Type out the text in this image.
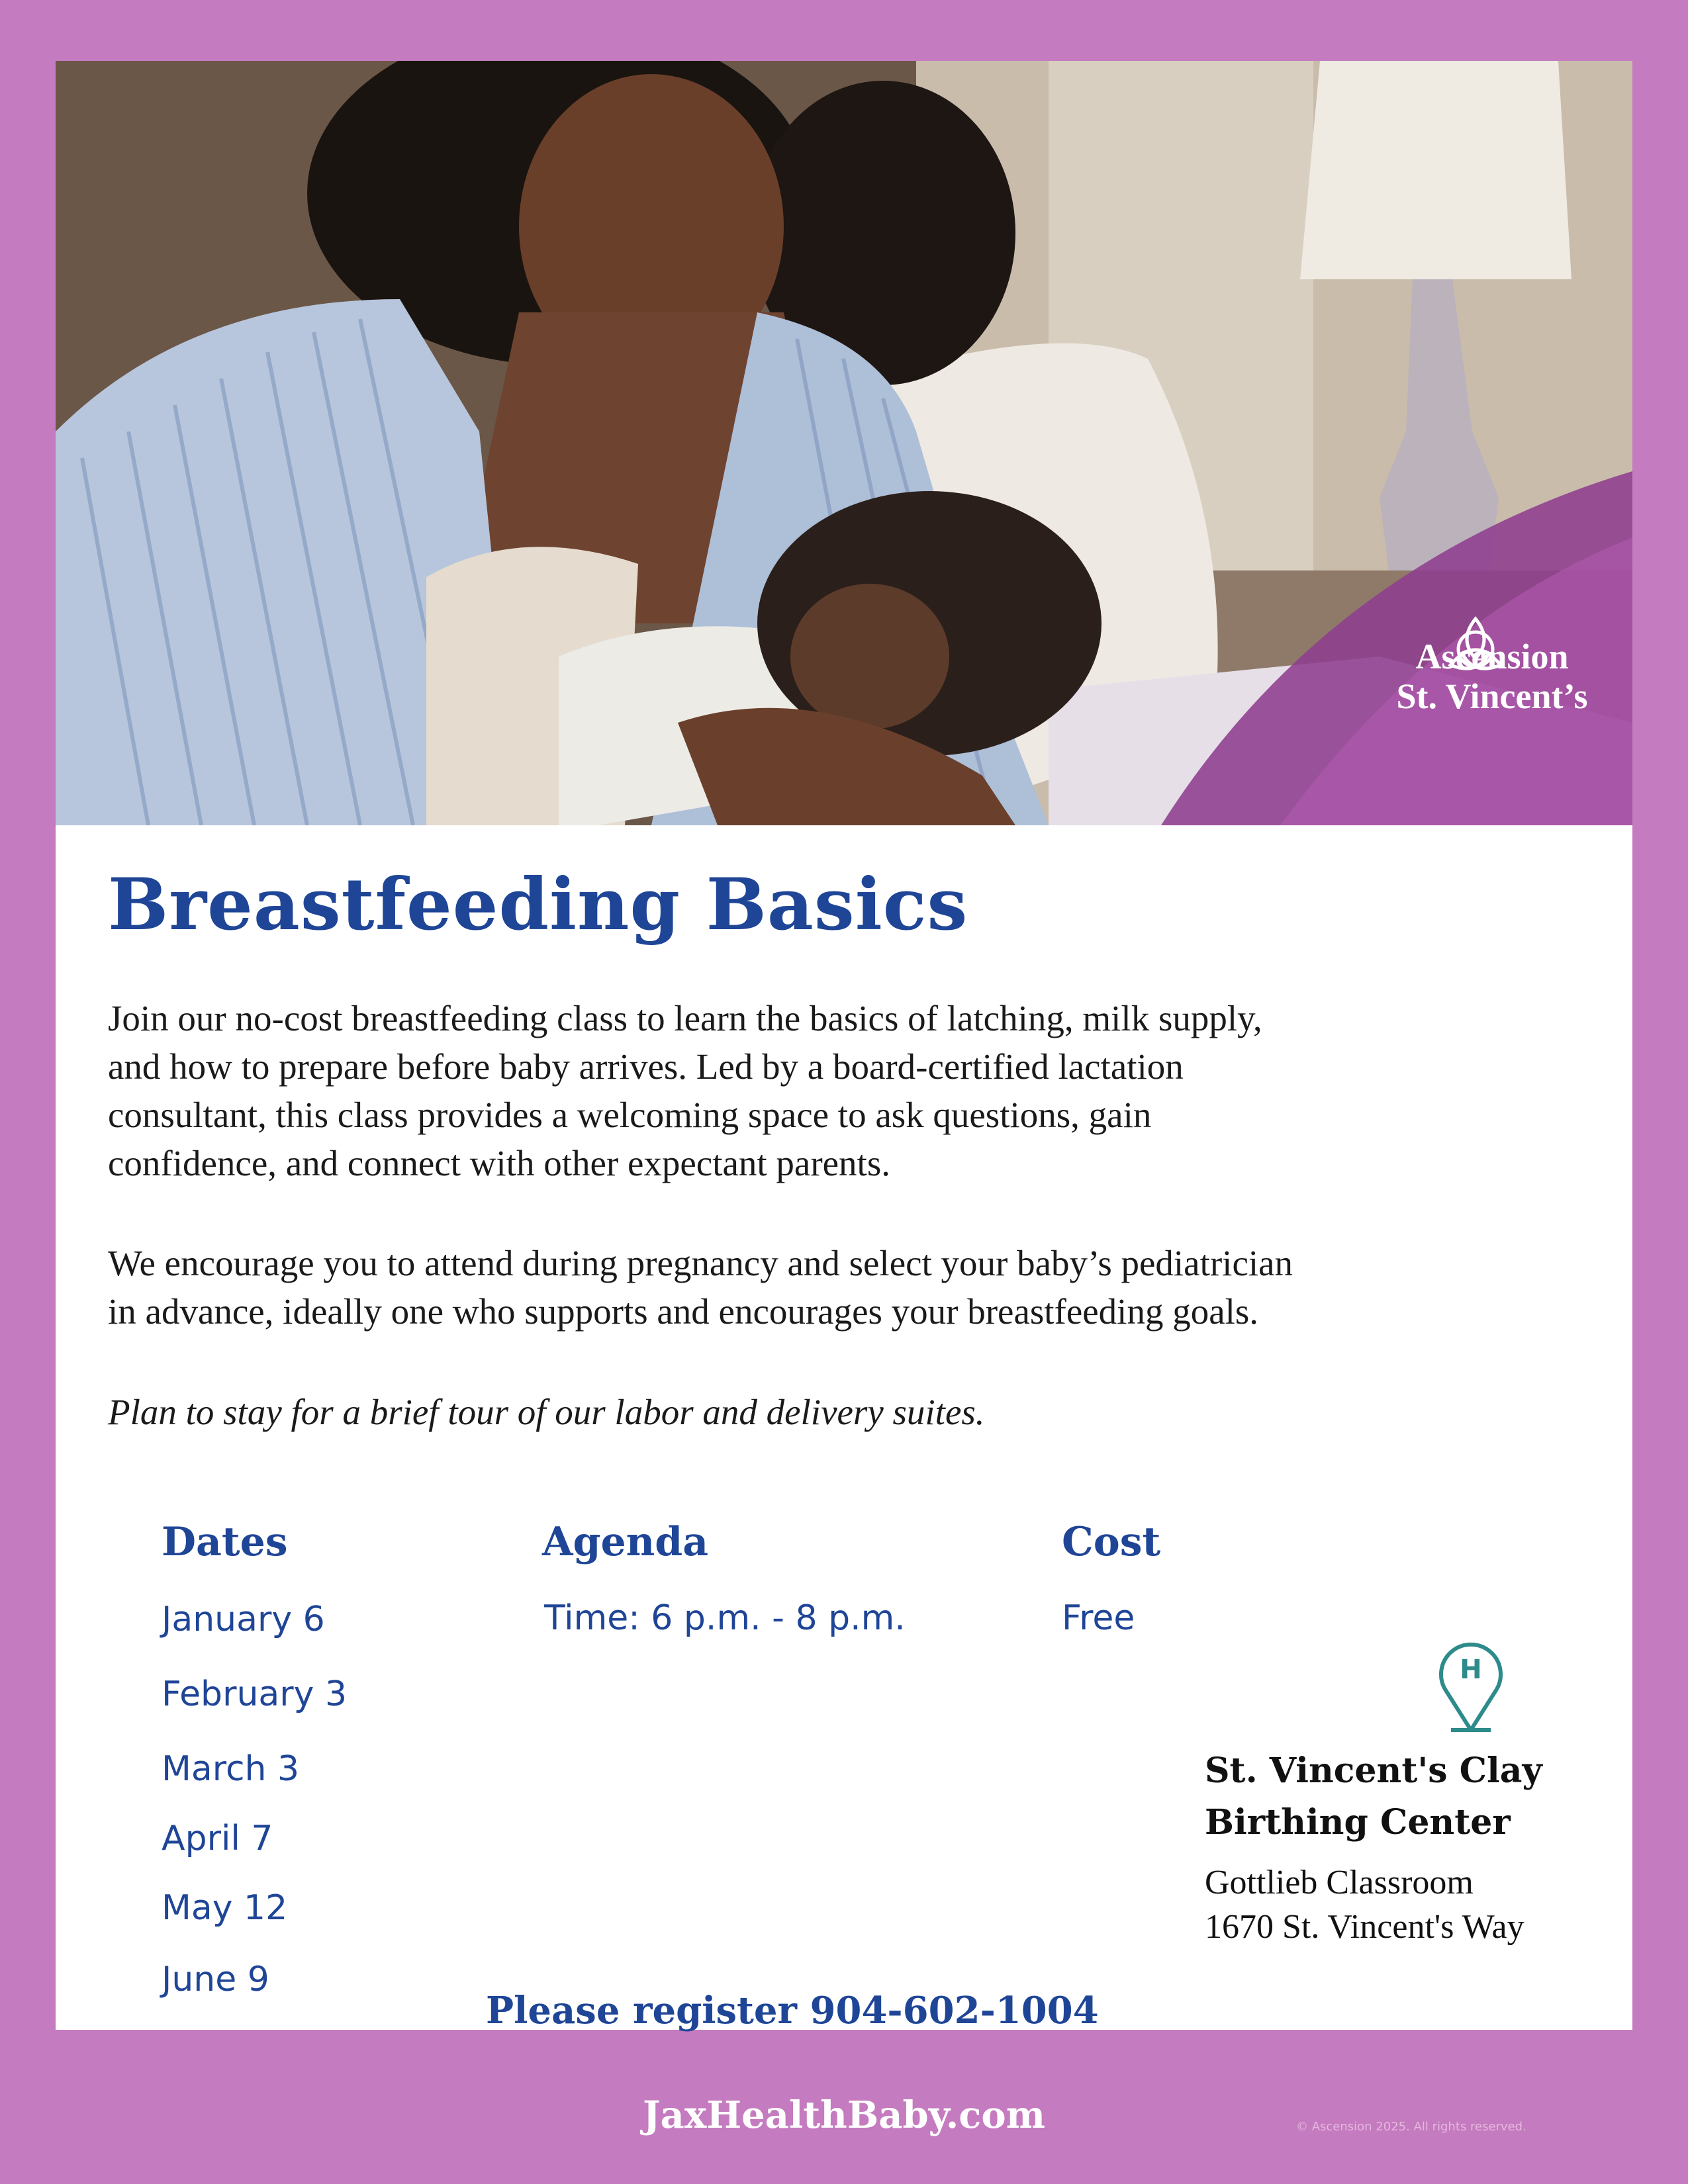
Ascension
St. Vincent’s
Breastfeeding Basics
Join our no-cost breastfeeding class to learn the basics of latching, milk supply,
and how to prepare before baby arrives. Led by a board-certified lactation
consultant, this class provides a welcoming space to ask questions, gain
confidence, and connect with other expectant parents.
We encourage you to attend during pregnancy and select your baby’s pediatrician
in advance, ideally one who supports and encourages your breastfeeding goals.
Plan to stay for a brief tour of our labor and delivery suites.
Dates
January 6
February 3
March 3
April 7
May 12
June 9
Agenda
Time: 6 p.m. - 8 p.m.
Cost
Free
H
St. Vincent's Clay
Birthing Center
Gottlieb Classroom
1670 St. Vincent's Way
Please register 904-602-1004
JaxHealthBaby.com	© Ascension 2025. All rights reserved.
